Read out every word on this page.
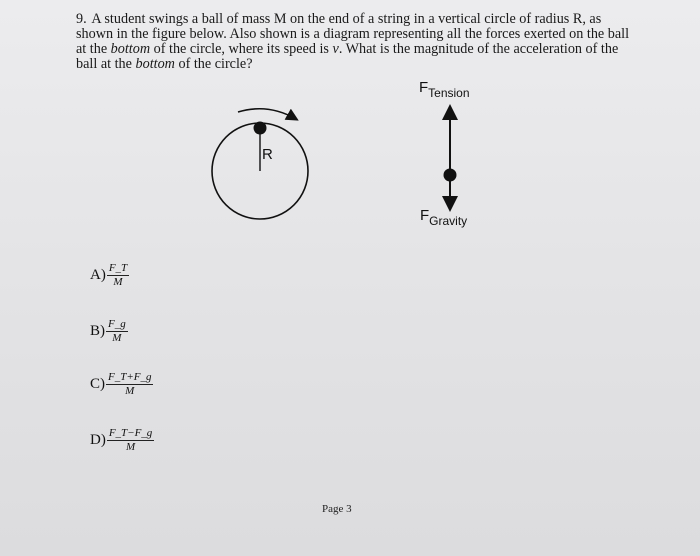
9. A student swings a ball of mass M on the end of a string in a vertical circle of radius R, as shown in the figure below. Also shown is a diagram representing all the forces exerted on the ball at the bottom of the circle, where its speed is v. What is the magnitude of the acceleration of the ball at the bottom of the circle?
R
$F_{Tension}$
$F_{Gravity}$
$A) \frac{F\_T}{M}$
$B) \frac{F\_g}{M}$
$C) \frac{F\_T+F\_g}{M}$
$D) \frac{F\_T-F\_g}{M}$
Page 3
